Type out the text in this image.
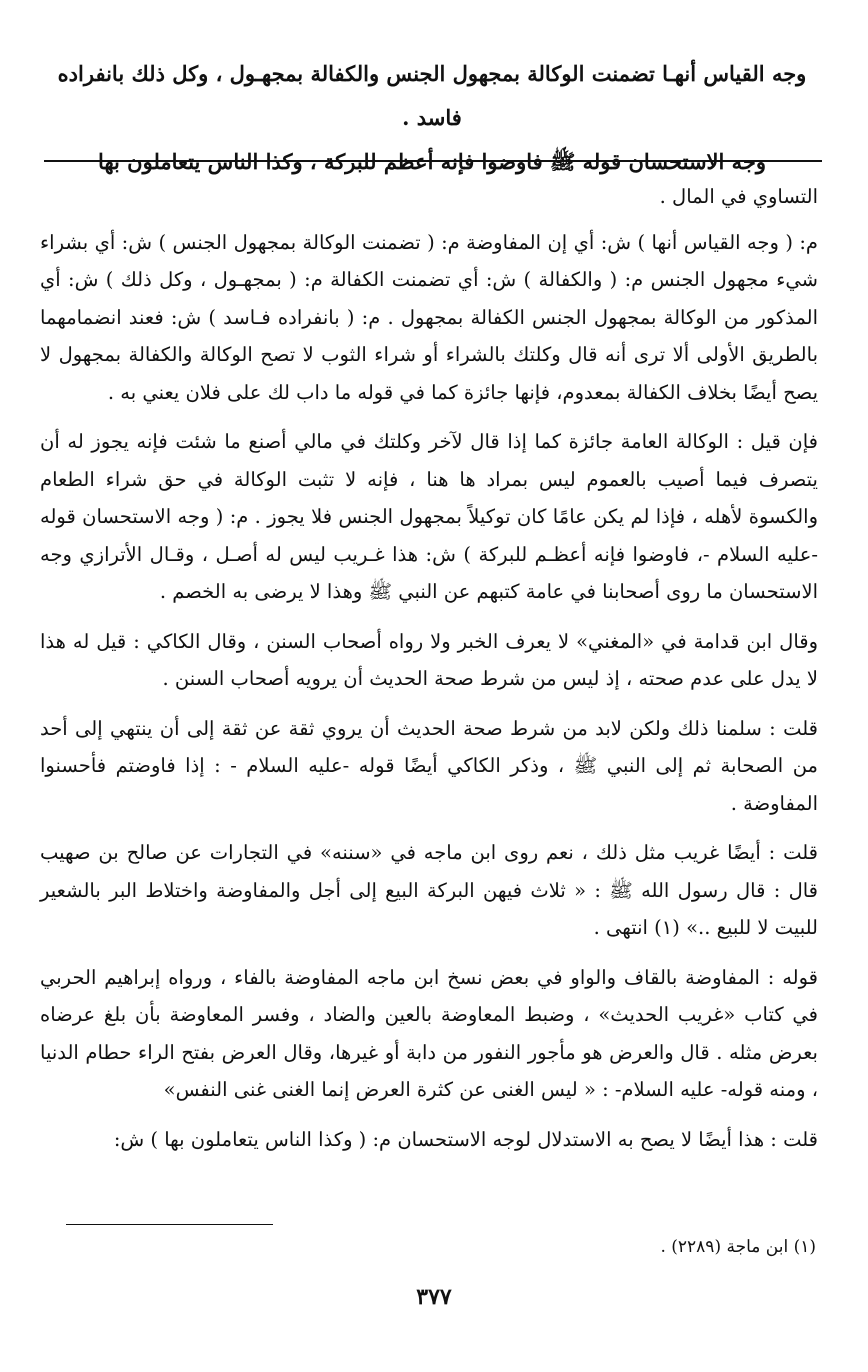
وجه القياس أنهـا تضمنت الوكالة بمجهول الجنس والكفالة بمجهـول ، وكل ذلك بانفراده فاسد .

وجه الاستحسان قوله ﷺ فاوضوا فإنه أعظم للبركة ، وكذا الناس يتعاملون بها

التساوي في المال .

م: ( وجه القياس أنها ) ش: أي إن المفاوضة م: ( تضمنت الوكالة بمجهول الجنس ) ش: أي بشراء شيء مجهول الجنس م: ( والكفالة ) ش: أي تضمنت الكفالة م: ( بمجهـول ، وكل ذلك ) ش: أي المذكور من الوكالة بمجهول الجنس الكفالة بمجهول . م: ( بانفراده فـاسد ) ش: فعند انضمامهما بالطريق الأولى ألا ترى أنه قال وكلتك بالشراء أو شراء الثوب لا تصح الوكالة والكفالة بمجهول لا يصح أيضًا بخلاف الكفالة بمعدوم، فإنها جائزة كما في قوله ما داب لك على فلان يعني به .

فإن قيل : الوكالة العامة جائزة كما إذا قال لآخر وكلتك في مالي أصنع ما شئت فإنه يجوز له أن يتصرف فيما أصيب بالعموم ليس بمراد ها هنا ، فإنه لا تثبت الوكالة في حق شراء الطعام والكسوة لأهله ، فإذا لم يكن عامًا كان توكيلاً بمجهول الجنس فلا يجوز . م: ( وجه الاستحسان قوله -عليه السلام -، فاوضوا فإنه أعظـم للبركة ) ش: هذا غـريب ليس له أصـل ، وقـال الأترازي وجه الاستحسان ما روى أصحابنا في عامة كتبهم عن النبي ﷺ وهذا لا يرضى به الخصم .

وقال ابن قدامة في «المغني» لا يعرف الخبر ولا رواه أصحاب السنن ، وقال الكاكي : قيل له هذا لا يدل على عدم صحته ، إذ ليس من شرط صحة الحديث أن يرويه أصحاب السنن .

قلت : سلمنا ذلك ولكن لابد من شرط صحة الحديث أن يروي ثقة عن ثقة إلى أن ينتهي إلى أحد من الصحابة ثم إلى النبي ﷺ ، وذكر الكاكي أيضًا قوله -عليه السلام - : إذا فاوضتم فأحسنوا المفاوضة .

قلت : أيضًا غريب مثل ذلك ، نعم روى ابن ماجه في «سننه» في التجارات عن صالح بن صهيب قال : قال رسول الله ﷺ : « ثلاث فيهن البركة البيع إلى أجل والمفاوضة واختلاط البر بالشعير للبيت لا للبيع ..» (١) انتهى .

قوله : المفاوضة بالقاف والواو في بعض نسخ ابن ماجه المفاوضة بالفاء ، ورواه إبراهيم الحربي في كتاب «غريب الحديث» ، وضبط المعاوضة بالعين والضاد ، وفسر المعاوضة بأن بلغ عرضاه بعرض مثله . قال والعرض هو مأجور النفور من دابة أو غيرها، وقال العرض بفتح الراء حطام الدنيا ، ومنه قوله- عليه السلام- : « ليس الغنى عن كثرة العرض إنما الغنى غنى النفس»

قلت : هذا أيضًا لا يصح به الاستدلال لوجه الاستحسان م: ( وكذا الناس يتعاملون بها ) ش:

(١) ابن ماجة (٢٢٨٩) .
٣٧٧
